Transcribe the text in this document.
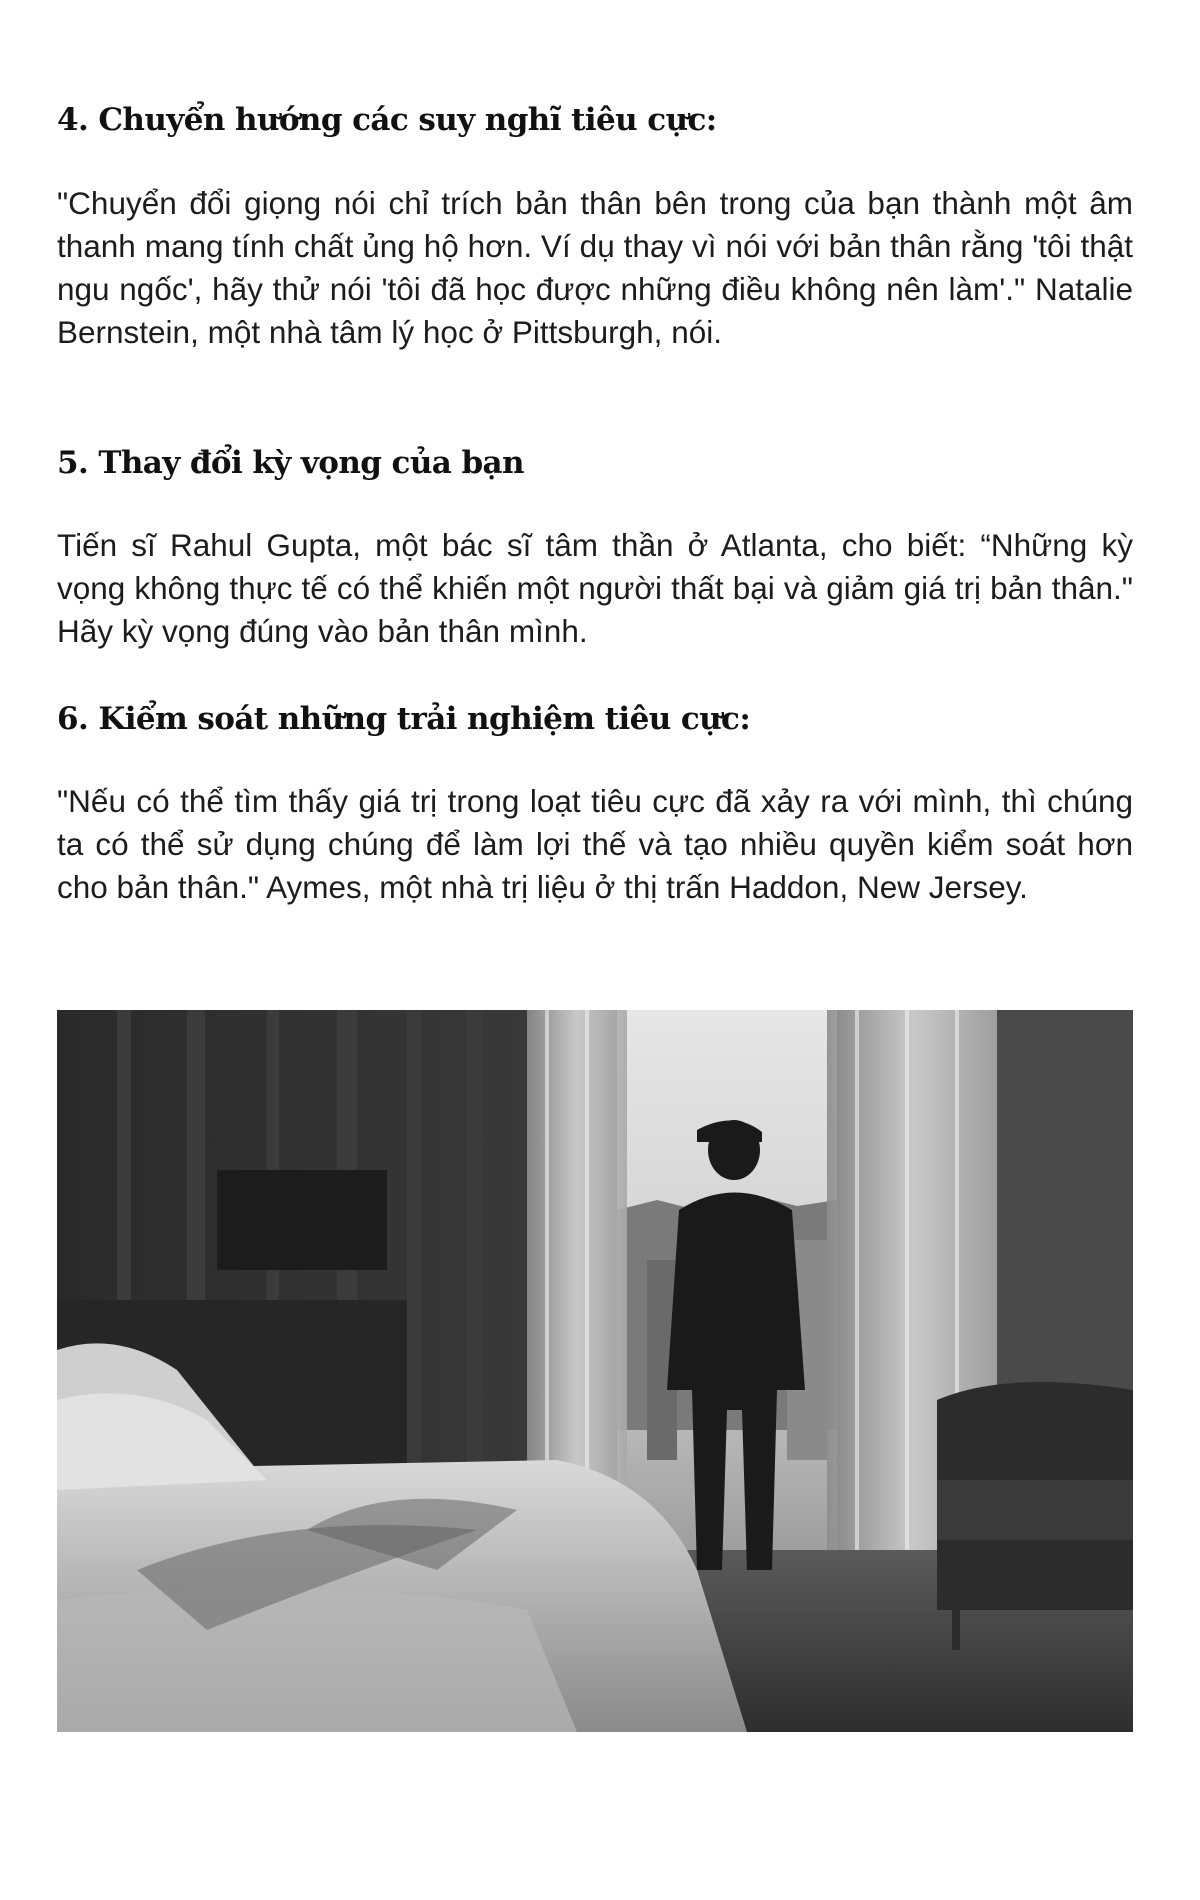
4. Chuyển hướng các suy nghĩ tiêu cực:

"Chuyển đổi giọng nói chỉ trích bản thân bên trong của bạn thành một âm thanh mang tính chất ủng hộ hơn. Ví dụ thay vì nói với bản thân rằng 'tôi thật ngu ngốc', hãy thử nói 'tôi đã học được những điều không nên làm'." Natalie Bernstein, một nhà tâm lý học ở Pittsburgh, nói.

5. Thay đổi kỳ vọng của bạn

Tiến sĩ Rahul Gupta, một bác sĩ tâm thần ở Atlanta, cho biết: “Những kỳ vọng không thực tế có thể khiến một người thất bại và giảm giá trị bản thân." Hãy kỳ vọng đúng vào bản thân mình.

6. Kiểm soát những trải nghiệm tiêu cực:

"Nếu có thể tìm thấy giá trị trong loạt tiêu cực đã xảy ra với mình, thì chúng ta có thể sử dụng chúng để làm lợi thế và tạo nhiều quyền kiểm soát hơn cho bản thân." Aymes, một nhà trị liệu ở thị trấn Haddon, New Jersey.
